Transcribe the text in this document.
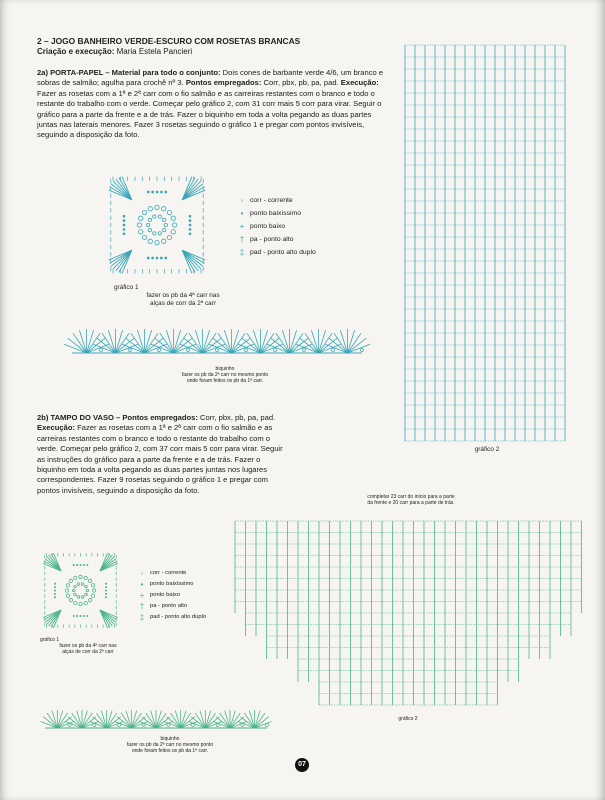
2 – JOGO BANHEIRO VERDE-ESCURO COM ROSETAS BRANCAS
Criação e execução: Maria Estela Pancieri
2a) PORTA-PAPEL – Material para todo o conjunto: Dois cones de barbante verde 4/6, um branco e sobras de salmão; agulha para crochê nº 3. Pontos empregados: Corr, pbx, pb, pa, pad. Execução: Fazer as rosetas com a 1ª e 2ª carr com o fio salmão e as carreiras restantes com o branco e todo o restante do trabalho com o verde. Começar pelo gráfico 2, com 31 corr mais 5 corr para virar. Seguir o gráfico para a parte da frente e a de trás. Fazer o biquinho em toda a volta pegando as duas partes juntas nas laterais menores. Fazer 3 rosetas seguindo o gráfico 1 e pregar com pontos invisíveis, seguindo a disposição da foto.
gráfico 1
fazer os pb da 4ª carr nas
alças de corr da 2ª carr
◦ corr - corrente
• ponto baixíssimo
+ ponto baixo
† pa - ponto alto
‡ pad - ponto alto duplo
biquinho
fazer os pb da 2ª carr no mesmo ponto
onde foram feitos os pb da 1ª carr.
gráfico 2
2b) TAMPO DO VASO – Pontos empregados: Corr, pbx, pb, pa, pad. Execução: Fazer as rosetas com a 1ª e 2ª carr com o fio salmão e as carreiras restantes com o branco e todo o restante do trabalho com o verde. Começar pelo gráfico 2, com 37 corr mais 5 corr para virar. Seguir as instruções do gráfico para a parte da frente e a de trás. Fazer o biquinho em toda a volta pegando as duas partes juntas nos lugares correspondentes. Fazer 9 rosetas seguindo o gráfico 1 e pregar com pontos invisíveis, seguindo a disposição da foto.
completar 23 carr do início para a parte
da frente e 20 carr para a parte de trás.
gráfico 2
◦	corr - corrente
•	ponto baixíssimo
+ ponto baixo
† pa - ponto alto
‡ pad - ponto alto duplo
gráfico 1
fazer os pb da 4ª carr nas
alças de corr da 2ª carr
biquinho
fazer os pb da 2ª carr no mesmo ponto
onde foram feitos os pb da 1ª carr.
07
